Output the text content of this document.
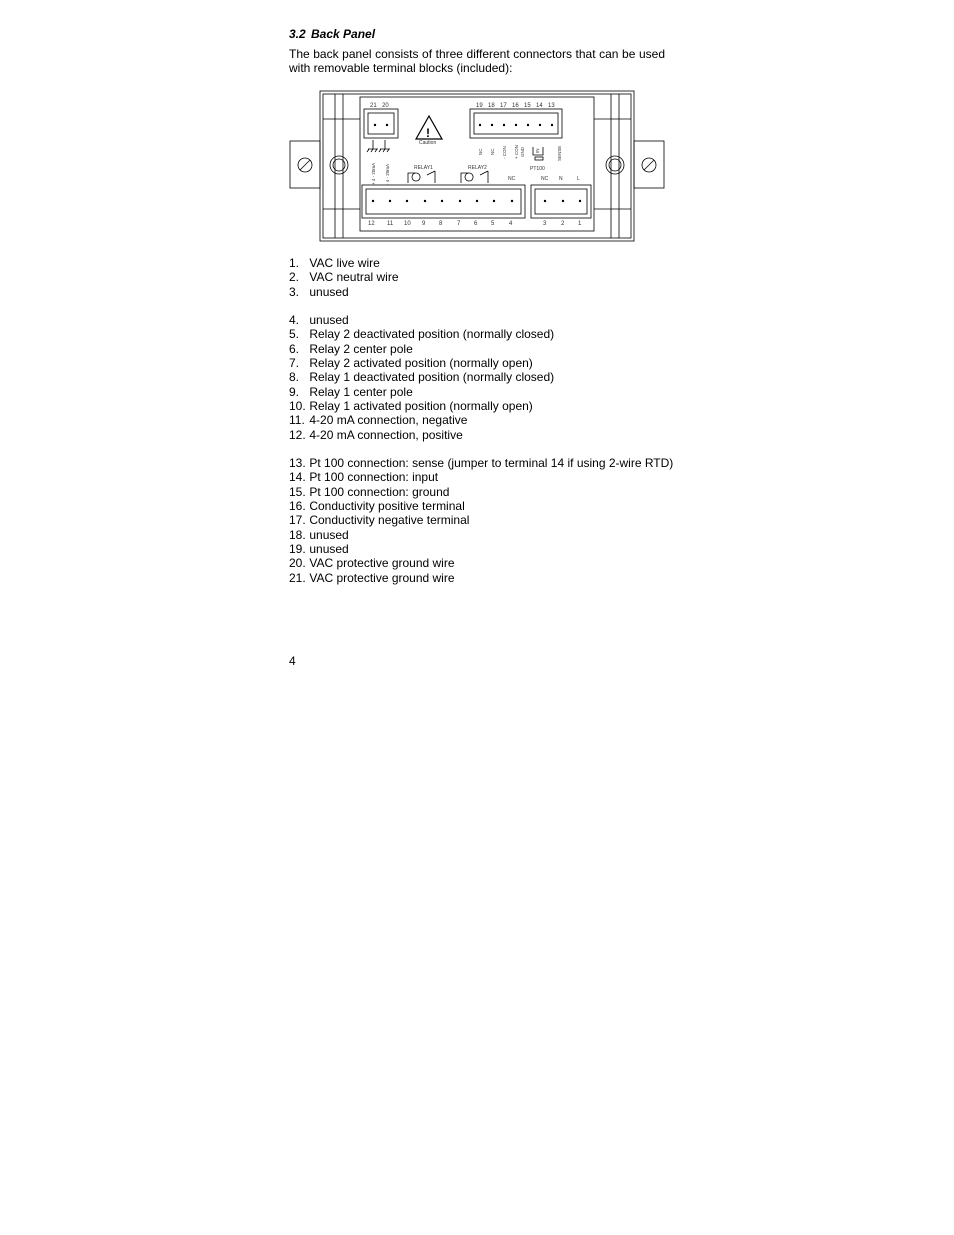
3.2 Back Panel
The back panel consists of three different connectors that can be used with removable terminal blocks (included):
!
21 20	19 18 17 16 15 14 13
Caution
RELAY1	RELAY2	PT100
NC	NC N	L
12 11 10 9 8 7 6 5 4	3 2 1
+ 4 - 20mA - 4 - 20mA
NC NC - CON + CON GND IN	SENSE
1. VAC live wire
2. VAC neutral wire
3. unused
4. unused
5. Relay 2 deactivated position (normally closed)
6. Relay 2 center pole
7. Relay 2 activated position (normally open)
8. Relay 1 deactivated position (normally closed)
9. Relay 1 center pole
10. Relay 1 activated position (normally open)
11. 4-20 mA connection, negative
12. 4-20 mA connection, positive
13. Pt 100 connection: sense (jumper to terminal 14 if using 2-wire RTD)
14. Pt 100 connection: input
15. Pt 100 connection: ground
16. Conductivity positive terminal
17. Conductivity negative terminal
18. unused
19. unused
20. VAC protective ground wire
21. VAC protective ground wire
4
